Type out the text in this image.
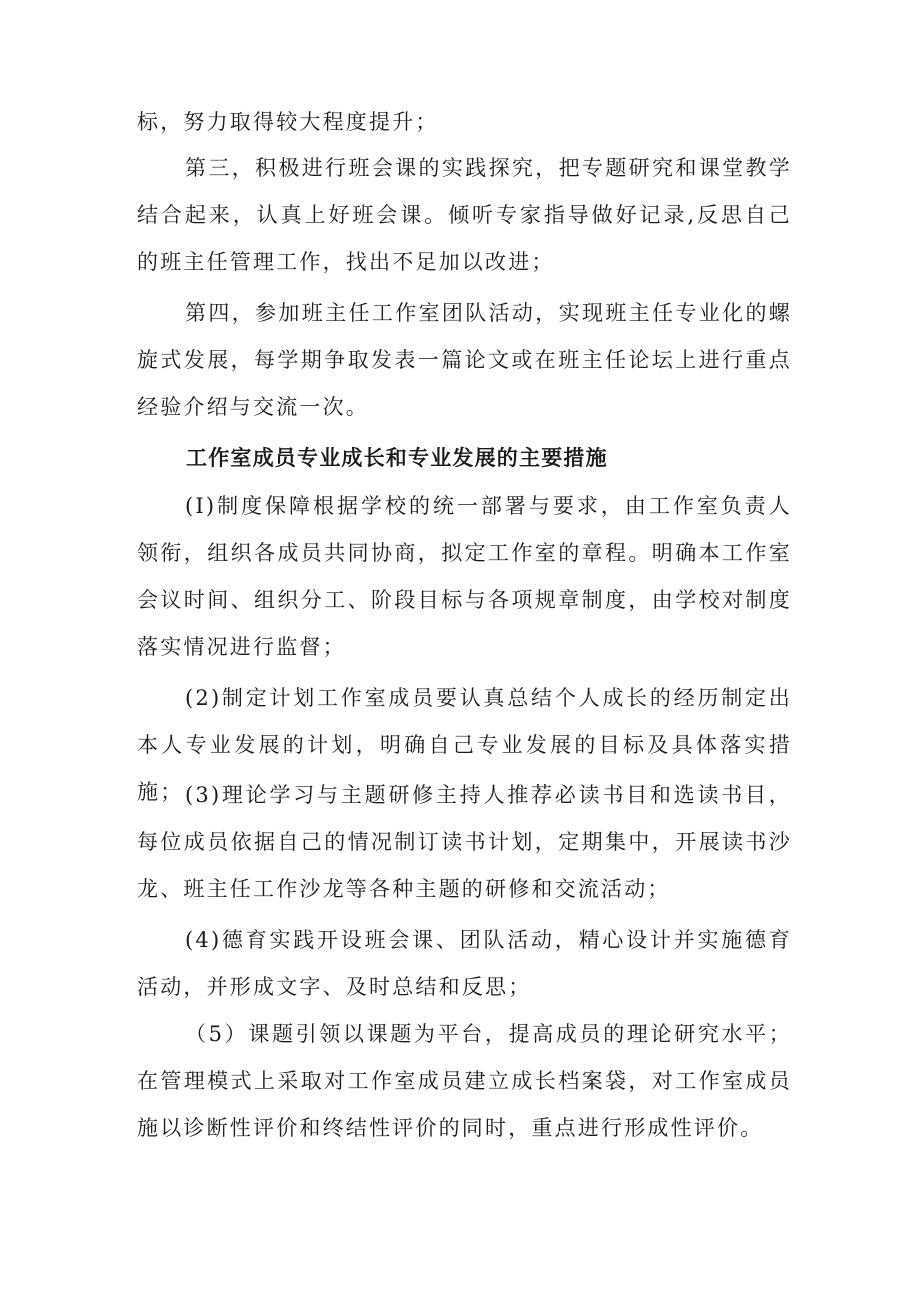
标，努力取得较大程度提升；

第三，积极进行班会课的实践探究，把专题研究和课堂教学结合起来，认真上好班会课。倾听专家指导做好记录,反思自己的班主任管理工作，找出不足加以改进；

第四，参加班主任工作室团队活动，实现班主任专业化的螺旋式发展，每学期争取发表一篇论文或在班主任论坛上进行重点经验介绍与交流一次。

工作室成员专业成长和专业发展的主要措施

(I)制度保障根据学校的统一部署与要求，由工作室负责人领衔，组织各成员共同协商，拟定工作室的章程。明确本工作室会议时间、组织分工、阶段目标与各项规章制度，由学校对制度落实情况进行监督；

(2)制定计划工作室成员要认真总结个人成长的经历制定出本人专业发展的计划，明确自己专业发展的目标及具体落实措施； (3)理论学习与主题研修主持人推荐必读书目和选读书目，每位成员依据自己的情况制订读书计划，定期集中，开展读书沙龙、班主任工作沙龙等各种主题的研修和交流活动；

(4)德育实践开设班会课、团队活动，精心设计并实施德育活动，并形成文字、及时总结和反思；

（5）课题引领以课题为平台，提高成员的理论研究水平；在管理模式上采取对工作室成员建立成长档案袋，对工作室成员施以诊断性评价和终结性评价的同时，重点进行形成性评价。
